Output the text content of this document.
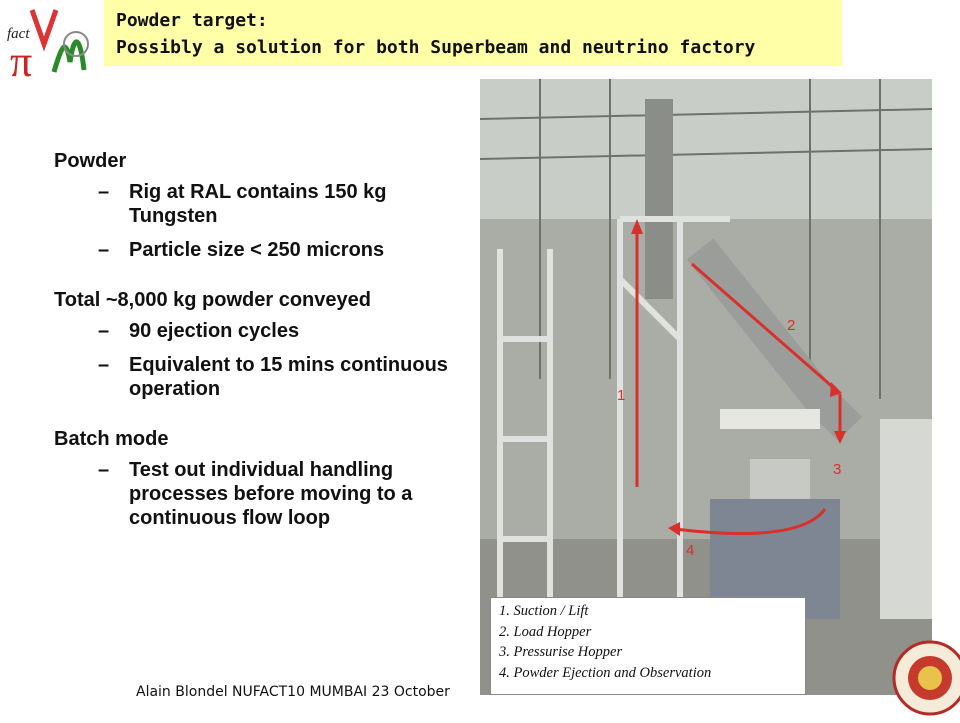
fact
π
Powder target:
Possibly a solution for both Superbeam and neutrino factory
Powder
– Rig at RAL contains 150 kg Tungsten
– Particle size < 250 microns
Total ~8,000 kg powder conveyed
– 90 ejection cycles
– Equivalent to 15 mins continuous operation
Batch mode
– Test out individual handling processes before moving to a continuous flow loop
1
2
3
4
1. Suction / Lift
2. Load Hopper
3. Pressurise Hopper
4. Powder Ejection and Observation
Alain Blondel NUFACT10 MUMBAI 23 October
